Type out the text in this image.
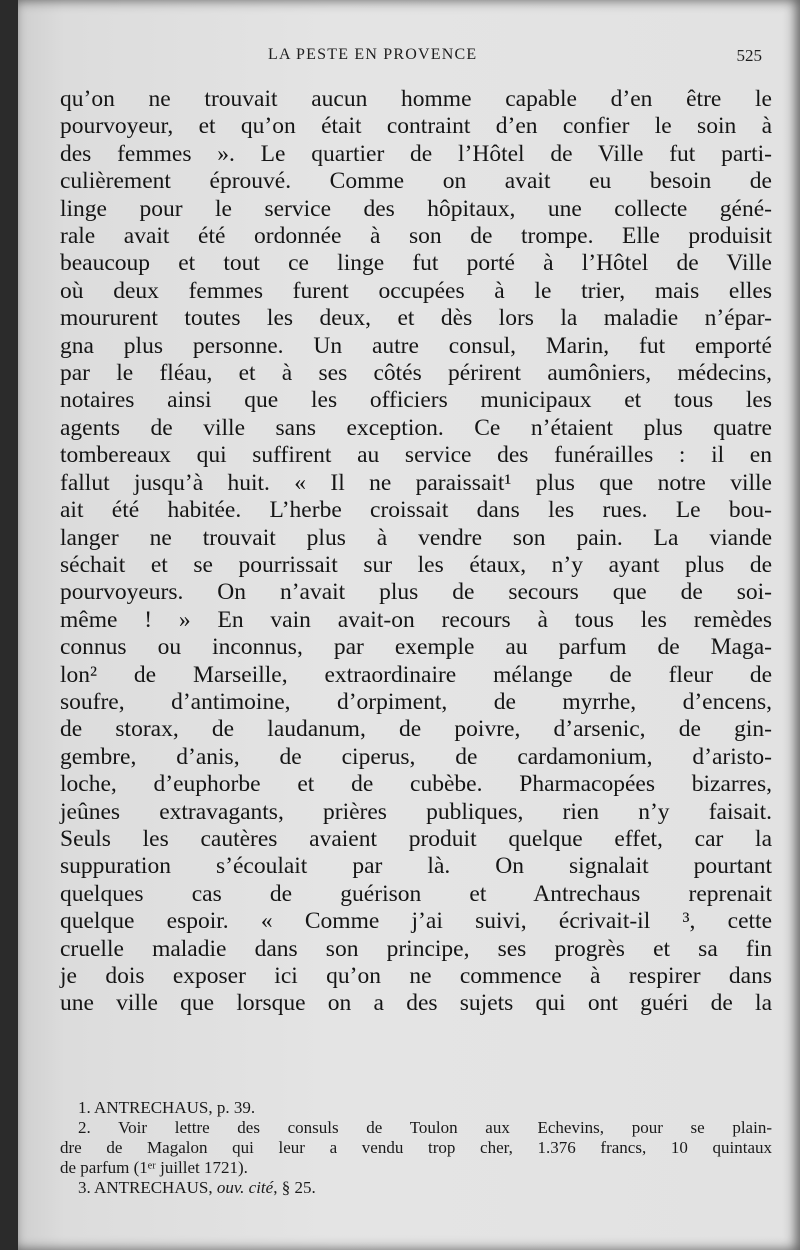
LA PESTE EN PROVENCE	525
qu’on ne trouvait aucun homme capable d’en être le
pourvoyeur, et qu’on était contraint d’en confier le soin à
des femmes ». Le quartier de l’Hôtel de Ville fut parti-
culièrement éprouvé. Comme on avait eu besoin de
linge pour le service des hôpitaux, une collecte géné-
rale avait été ordonnée à son de trompe. Elle produisit
beaucoup et tout ce linge fut porté à l’Hôtel de Ville
où deux femmes furent occupées à le trier, mais elles
moururent toutes les deux, et dès lors la maladie n’épar-
gna plus personne. Un autre consul, Marin, fut emporté
par le fléau, et à ses côtés périrent aumôniers, médecins,
notaires ainsi que les officiers municipaux et tous les
agents de ville sans exception. Ce n’étaient plus quatre
tombereaux qui suffirent au service des funérailles : il en
fallut jusqu’à huit. « Il ne paraissait¹ plus que notre ville
ait été habitée. L’herbe croissait dans les rues. Le bou-
langer ne trouvait plus à vendre son pain. La viande
séchait et se pourrissait sur les étaux, n’y ayant plus de
pourvoyeurs. On n’avait plus de secours que de soi-
même ! » En vain avait-on recours à tous les remèdes
connus ou inconnus, par exemple au parfum de Maga-
lon² de Marseille, extraordinaire mélange de fleur de
soufre, d’antimoine, d’orpiment, de myrrhe, d’encens,
de storax, de laudanum, de poivre, d’arsenic, de gin-
gembre, d’anis, de ciperus, de cardamonium, d’aristo-
loche, d’euphorbe et de cubèbe. Pharmacopées bizarres,
jeûnes extravagants, prières publiques, rien n’y faisait.
Seuls les cautères avaient produit quelque effet, car la
suppuration s’écoulait par là. On signalait pourtant
quelques cas de guérison et Antrechaus reprenait
quelque espoir. « Comme j’ai suivi, écrivait-il ³, cette
cruelle maladie dans son principe, ses progrès et sa fin
je dois exposer ici qu’on ne commence à respirer dans
une ville que lorsque on a des sujets qui ont guéri de la
1. ANTRECHAUS, p. 39.
2. Voir lettre des consuls de Toulon aux Echevins, pour se plain-
dre de Magalon qui leur a vendu trop cher, 1.376 francs, 10 quintaux
de parfum (1ᵉʳ juillet 1721).
3. ANTRECHAUS, ouv. cité, § 25.
